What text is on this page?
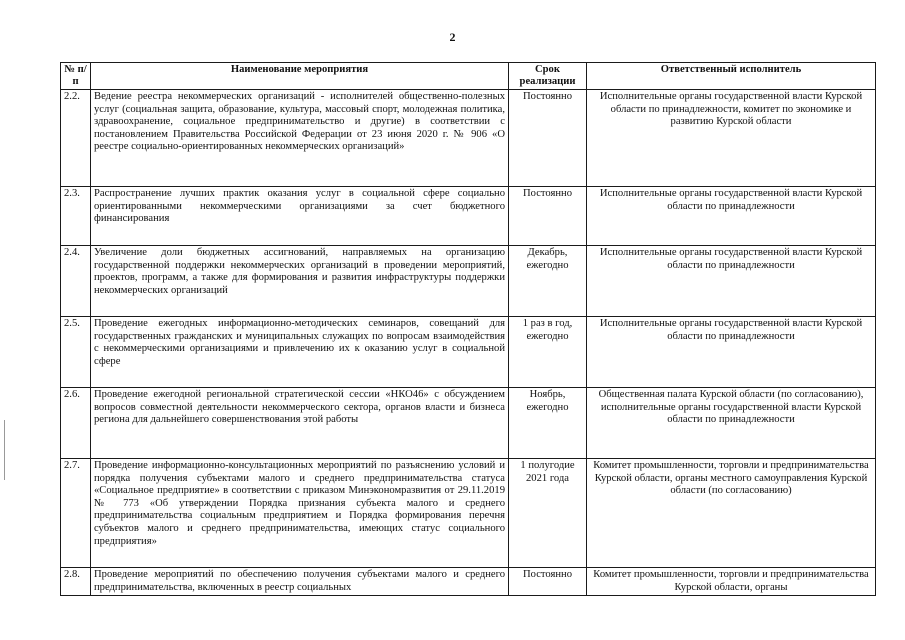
2
№ п/п	Наименование мероприятия	Срок реализации	Ответственный исполнитель
2.2.	Ведение реестра некоммерческих организаций - исполнителей общественно-полезных услуг (социальная защита, образование, культура, массовый спорт, молодежная политика, здравоохранение, социальное предпринимательство и другие) в соответствии с постановлением Правительства Российской Федерации от 23 июня 2020 г. № 906 «О реестре социально-ориентированных некоммерческих организаций»	Постоянно	Исполнительные органы государственной власти Курской области по принадлежности, комитет по экономике и развитию Курской области
2.3.	Распространение лучших практик оказания услуг в социальной сфере социально ориентированными некоммерческими организациями за счет бюджетного финансирования	Постоянно	Исполнительные органы государственной власти Курской области по принадлежности
2.4.	Увеличение доли бюджетных ассигнований, направляемых на организацию государственной поддержки некоммерческих организаций в проведении мероприятий, проектов, программ, а также для формирования и развития инфраструктуры поддержки некоммерческих организаций	Декабрь, ежегодно	Исполнительные органы государственной власти Курской области по принадлежности
2.5.	Проведение ежегодных информационно-методических семинаров, совещаний для государственных гражданских и муниципальных служащих по вопросам взаимодействия с некоммерческими организациями и привлечению их к оказанию услуг в социальной сфере	1 раз в год, ежегодно	Исполнительные органы государственной власти Курской области по принадлежности
2.6.	Проведение ежегодной региональной стратегической сессии «НКО46» с обсуждением вопросов совместной деятельности некоммерческого сектора, органов власти и бизнеса региона для дальнейшего совершенствования этой работы	Ноябрь, ежегодно	Общественная палата Курской области (по согласованию), исполнительные органы государственной власти Курской области по принадлежности
2.7.	Проведение информационно-консультационных мероприятий по разъяснению условий и порядка получения субъектами малого и среднего предпринимательства статуса «Социальное предприятие» в соответствии с приказом Минэкономразвития от 29.11.2019 № 773 «Об утверждении Порядка признания субъекта малого и среднего предпринимательства социальным предприятием и Порядка формирования перечня субъектов малого и среднего предпринимательства, имеющих статус социального предприятия»	1 полугодие 2021 года	Комитет промышленности, торговли и предпринимательства Курской области, органы местного самоуправления Курской области (по согласованию)
2.8.	Проведение мероприятий по обеспечению получения субъектами малого и среднего предпринимательства, включенных в реестр социальных	Постоянно	Комитет промышленности, торговли и предпринимательства Курской области, органы
